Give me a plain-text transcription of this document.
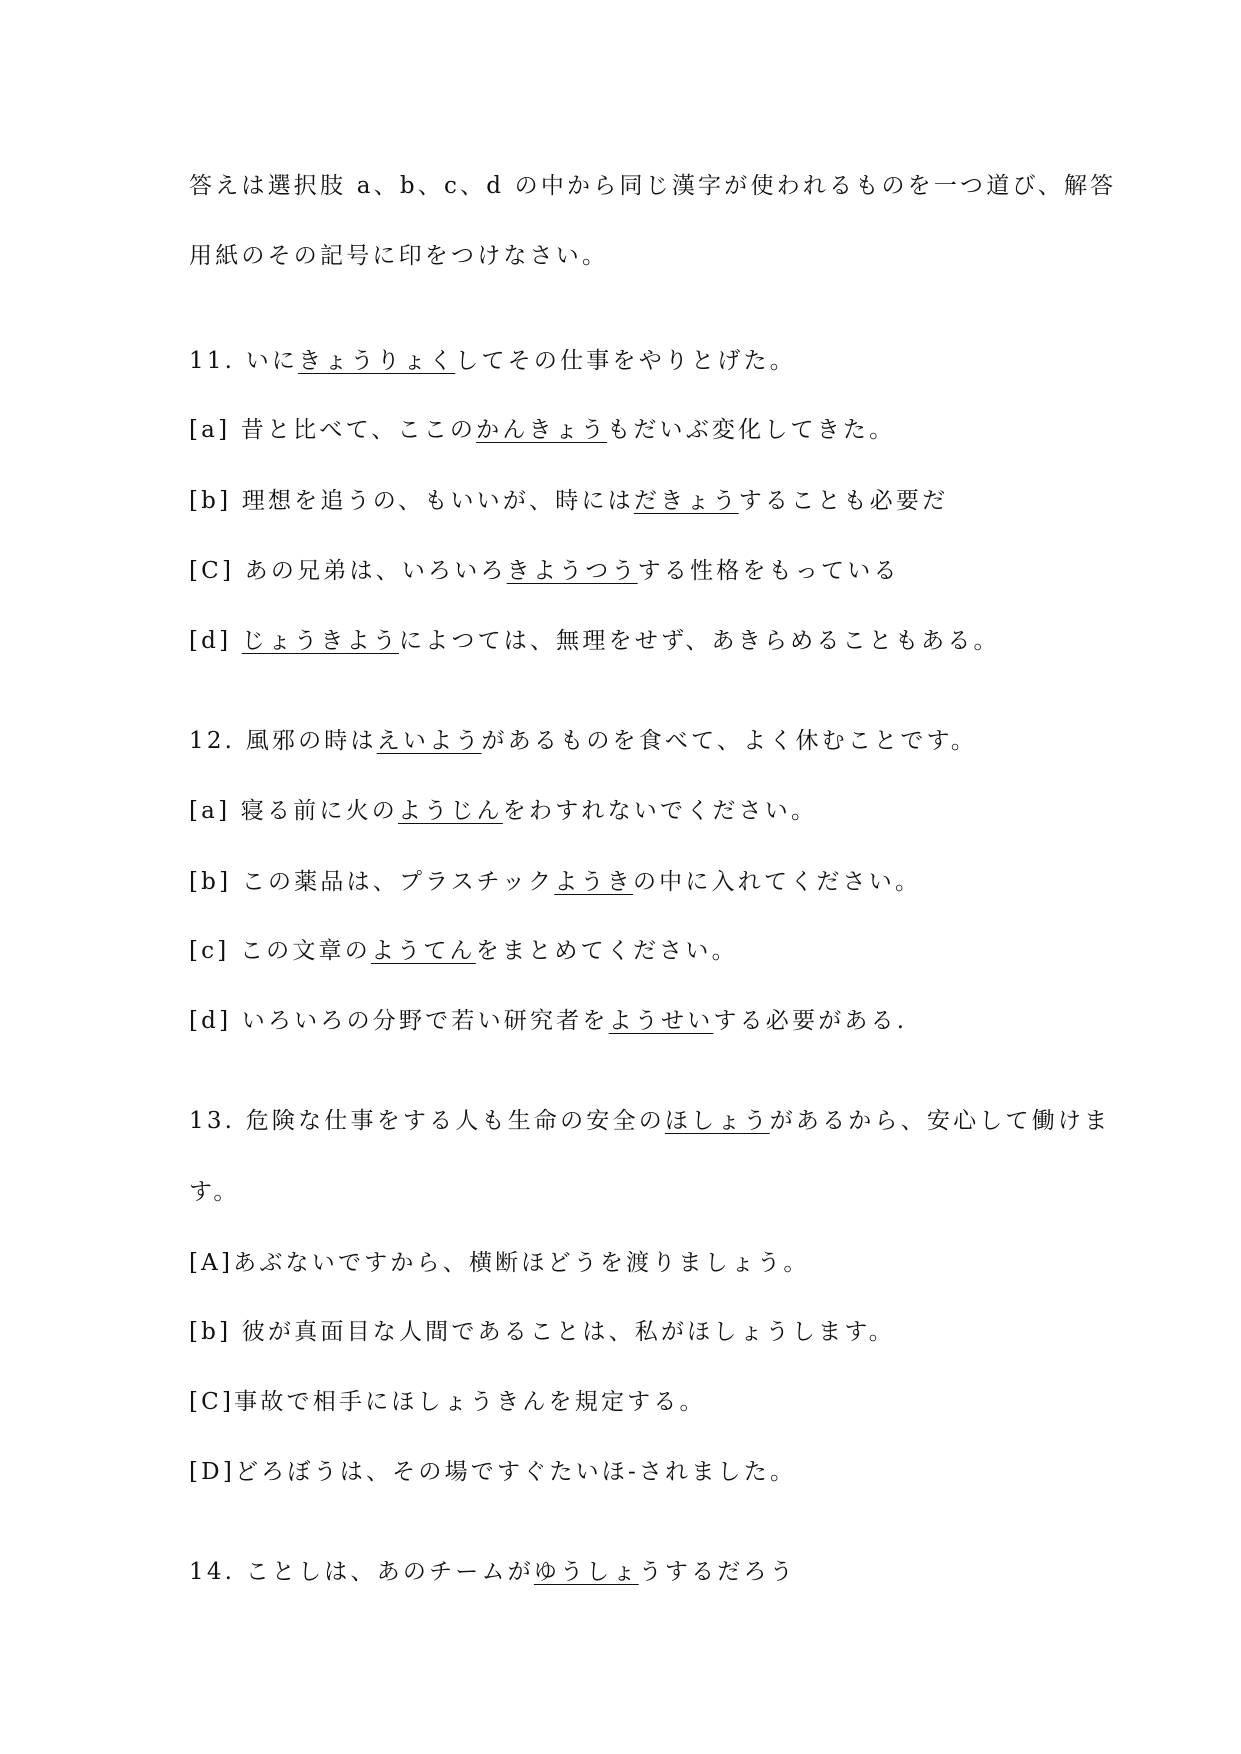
答えは選択肢 a、b、c、d の中から同じ漢字が使われるものを一つ道び、解答
用紙のその記号に印をつけなさい。
11. いにきょうりょくしてその仕事をやりとげた。
[a] 昔と比べて、ここのかんきょうもだいぶ変化してきた。
[b] 理想を追うの、もいいが、時にはだきょうすることも必要だ
[C] あの兄弟は、いろいろきようつうする性格をもっている
[d] じょうきようによつては、無理をせず、あきらめることもある。
12. 風邪の時はえいようがあるものを食べて、よく休むことです。
[a] 寝る前に火のようじんをわすれないでください。
[b] この薬品は、プラスチックようきの中に入れてください。
[c] この文章のようてんをまとめてください。
[d] いろいろの分野で若い研究者をようせいする必要がある.
13. 危険な仕事をする人も生命の安全のほしょうがあるから、安心して働けま
す。
[A]あぶないですから、横断ほどうを渡りましょう。
[b] 彼が真面目な人間であることは、私がほしょうします。
[C]事故で相手にほしょうきんを規定する。
[D]どろぼうは、その場ですぐたいほ-されました。
14. ことしは、あのチームがゆうしょうするだろう
